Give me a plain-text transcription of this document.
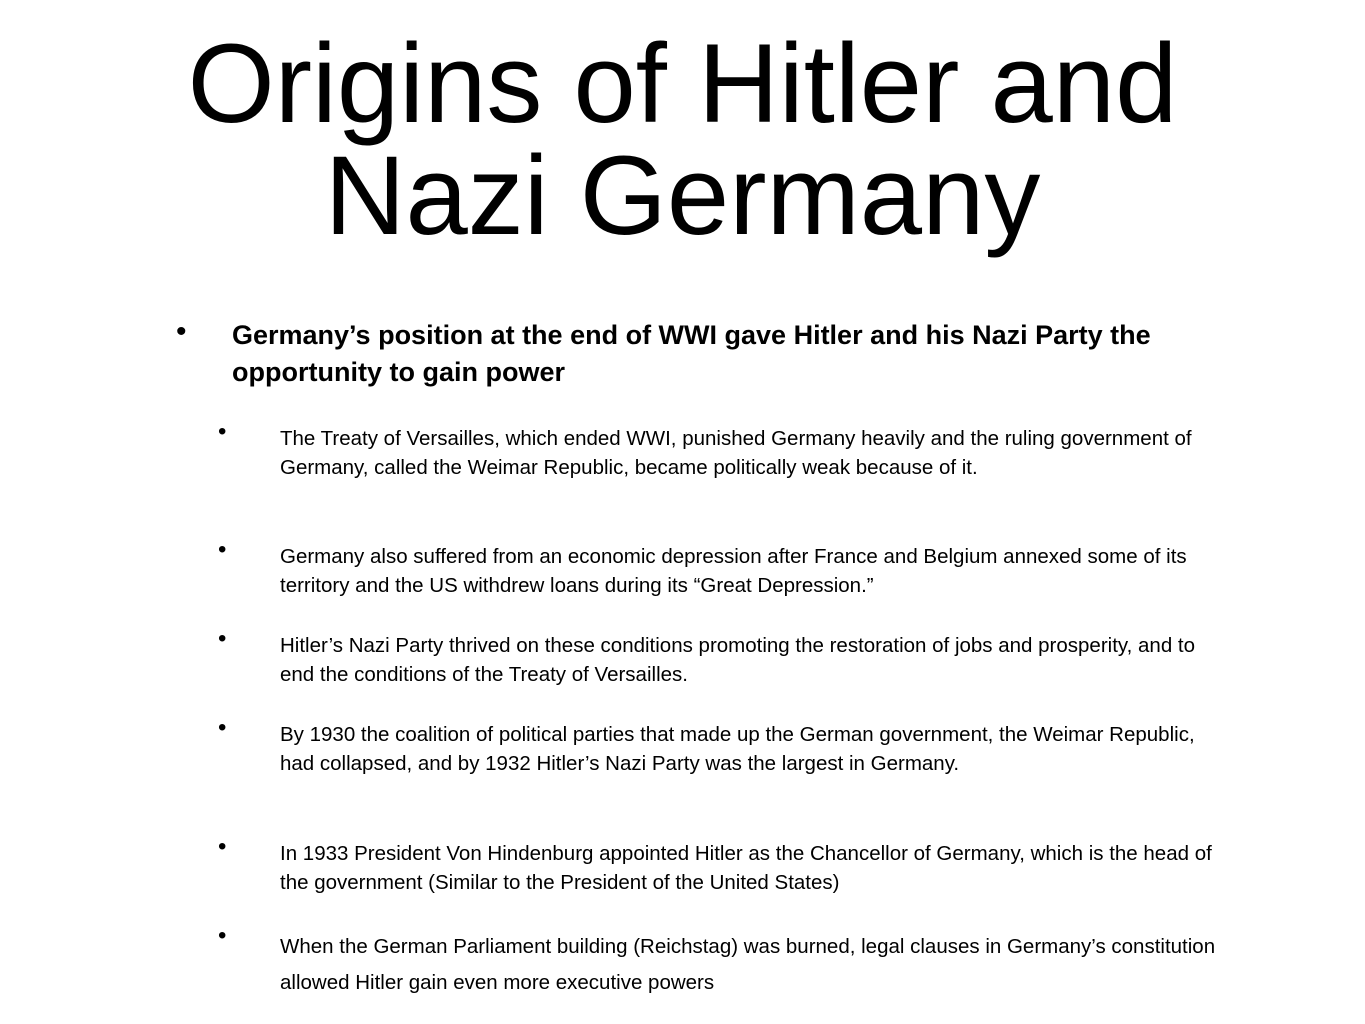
Origins of Hitler and
Nazi Germany
• Germany’s position at the end of WWI gave Hitler and his Nazi Party the opportunity to gain power
•	The Treaty of Versailles, which ended WWI, punished Germany heavily and the ruling government of Germany, called the Weimar Republic, became politically weak because of it.
•	Germany also suffered from an economic depression after France and Belgium annexed some of its territory and the US withdrew loans during its “Great Depression.”
•	Hitler’s Nazi Party thrived on these conditions promoting the restoration of jobs and prosperity, and to end the conditions of the Treaty of Versailles.
•	By 1930 the coalition of political parties that made up the German government, the Weimar Republic, had collapsed, and by 1932 Hitler’s Nazi Party was the largest in Germany.
•	In 1933 President Von Hindenburg appointed Hitler as the Chancellor of Germany, which is the head of the government (Similar to the President of the United States)
•	When the German Parliament building (Reichstag) was burned, legal clauses in Germany’s constitution allowed Hitler gain even more executive powers
